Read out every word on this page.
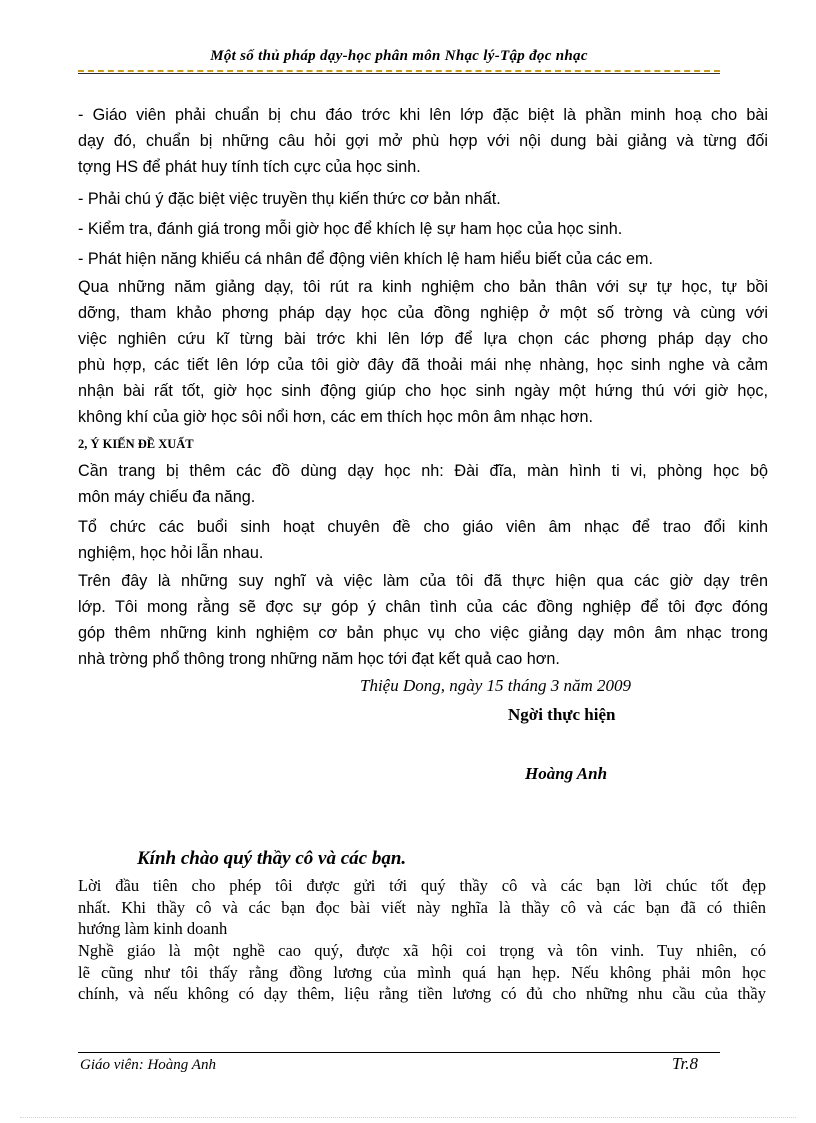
Một số thủ pháp dạy-học phân môn Nhạc lý-Tập đọc nhạc
- Giáo viên phải chuẩn bị chu đáo trớc khi lên lớp đặc biệt là phần minh hoạ cho bài
dạy đó, chuẩn bị những câu hỏi gợi mở phù hợp với nội dung bài giảng và từng đối
tợng HS để phát huy tính tích cực của học sinh.
- Phải chú ý đặc biệt việc truyền thụ kiến thức cơ bản nhất.
- Kiểm tra, đánh giá trong mỗi giờ học để khích lệ sự ham học của học sinh.
- Phát hiện năng khiếu cá nhân để động viên khích lệ ham hiểu biết của các em.
Qua những năm giảng dạy, tôi rút ra kinh nghiệm cho bản thân với sự tự học, tự bồi
dỡng, tham khảo phơng pháp dạy học của đồng nghiệp ở một số trờng và cùng với
việc nghiên cứu kĩ từng bài trớc khi lên lớp để lựa chọn các phơng pháp dạy cho
phù hợp, các tiết lên lớp của tôi giờ đây đã thoải mái nhẹ nhàng, học sinh nghe và cảm
nhận bài rất tốt, giờ học sinh động giúp cho học sinh ngày một hứng thú với giờ học,
không khí của giờ học sôi nổi hơn, các em thích học môn âm nhạc hơn.
2, Ý KIẾN ĐỀ XUẤT
Cần trang bị thêm các đồ dùng dạy học nh: Đài đĩa, màn hình ti vi, phòng học bộ
môn máy chiếu đa năng.
Tổ chức các buổi sinh hoạt chuyên đề cho giáo viên âm nhạc để trao đổi kinh
nghiệm, học hỏi lẫn nhau.
Trên đây là những suy nghĩ và việc làm của tôi đã thực hiện qua các giờ dạy trên
lớp. Tôi mong rằng sẽ đợc sự góp ý chân tình của các đồng nghiệp để tôi đợc đóng
góp thêm những kinh nghiệm cơ bản phục vụ cho việc giảng dạy môn âm nhạc trong
nhà trờng phổ thông trong những năm học tới đạt kết quả cao hơn.
Thiệu Dong, ngày 15 tháng 3 năm 2009
Ngời thực hiện
Hoàng Anh
Kính chào quý thầy cô và các bạn.
Lời đầu tiên cho phép tôi được gửi tới quý thầy cô và các bạn lời chúc tốt đẹp
nhất. Khi thầy cô và các bạn đọc bài viết này nghĩa là thầy cô và các bạn đã có thiên
hướng làm kinh doanh
Nghề giáo là một nghề cao quý, được xã hội coi trọng và tôn vinh. Tuy nhiên, có
lẽ cũng như tôi thấy rằng đồng lương của mình quá hạn hẹp. Nếu không phải môn học
chính, và nếu không có dạy thêm, liệu rằng tiền lương có đủ cho những nhu cầu của thầy
Giáo viên: Hoàng Anh	Tr.8
